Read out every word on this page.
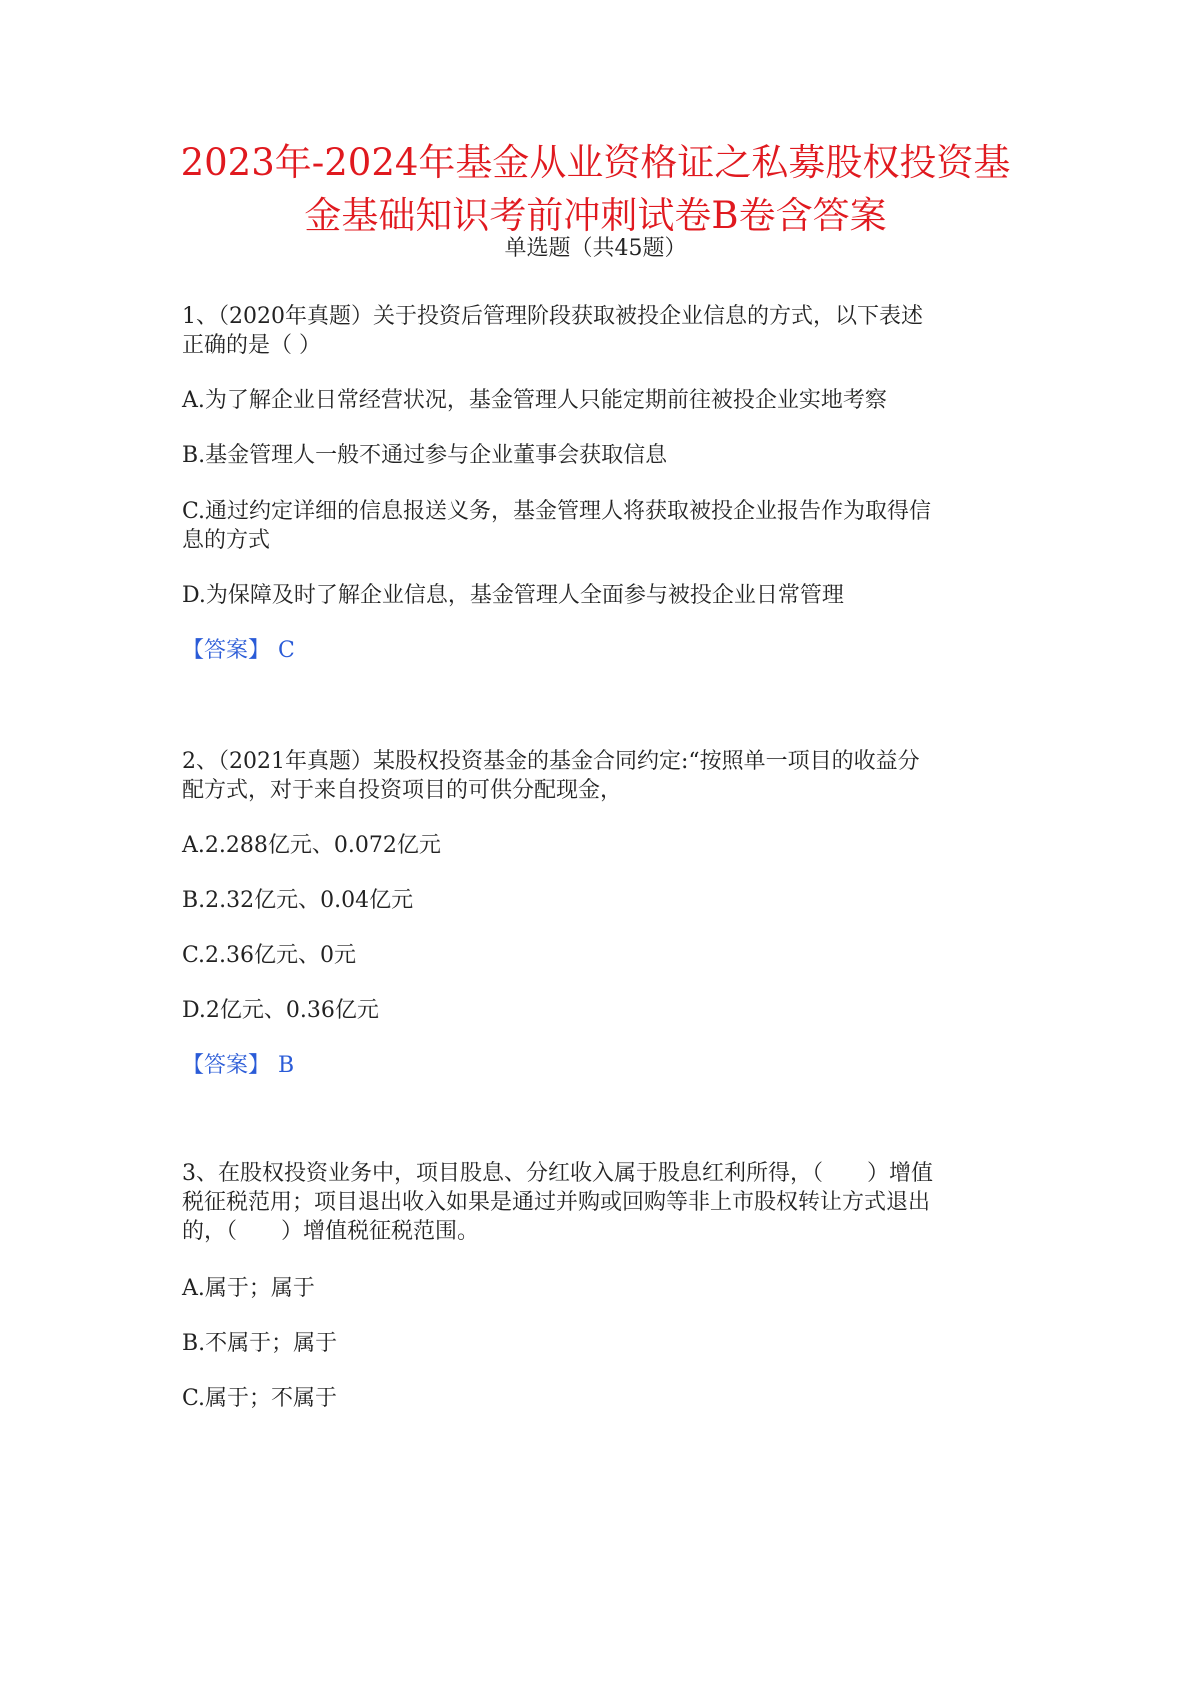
2023年-2024年基金从业资格证之私募股权投资基
金基础知识考前冲刺试卷B卷含答案
单选题（共45题）
1、（2020年真题）关于投资后管理阶段获取被投企业信息的方式，以下表述
正确的是（ ）
A.为了解企业日常经营状况，基金管理人只能定期前往被投企业实地考察
B.基金管理人一般不通过参与企业董事会获取信息
C.通过约定详细的信息报送义务，基金管理人将获取被投企业报告作为取得信
息的方式
D.为保障及时了解企业信息，基金管理人全面参与被投企业日常管理
【答案】 C
2、（2021年真题）某股权投资基金的基金合同约定:“按照单一项目的收益分
配方式，对于来自投资项目的可供分配现金，
A.2.288亿元、0.072亿元
B.2.32亿元、0.04亿元
C.2.36亿元、0元
D.2亿元、0.36亿元
【答案】 B
3、在股权投资业务中，项目股息、分红收入属于股息红利所得，（　　）增值
税征税范用；项目退出收入如果是通过并购或回购等非上市股权转让方式退出
的，（　　）增值税征税范围。
A.属于；属于
B.不属于；属于
C.属于；不属于
